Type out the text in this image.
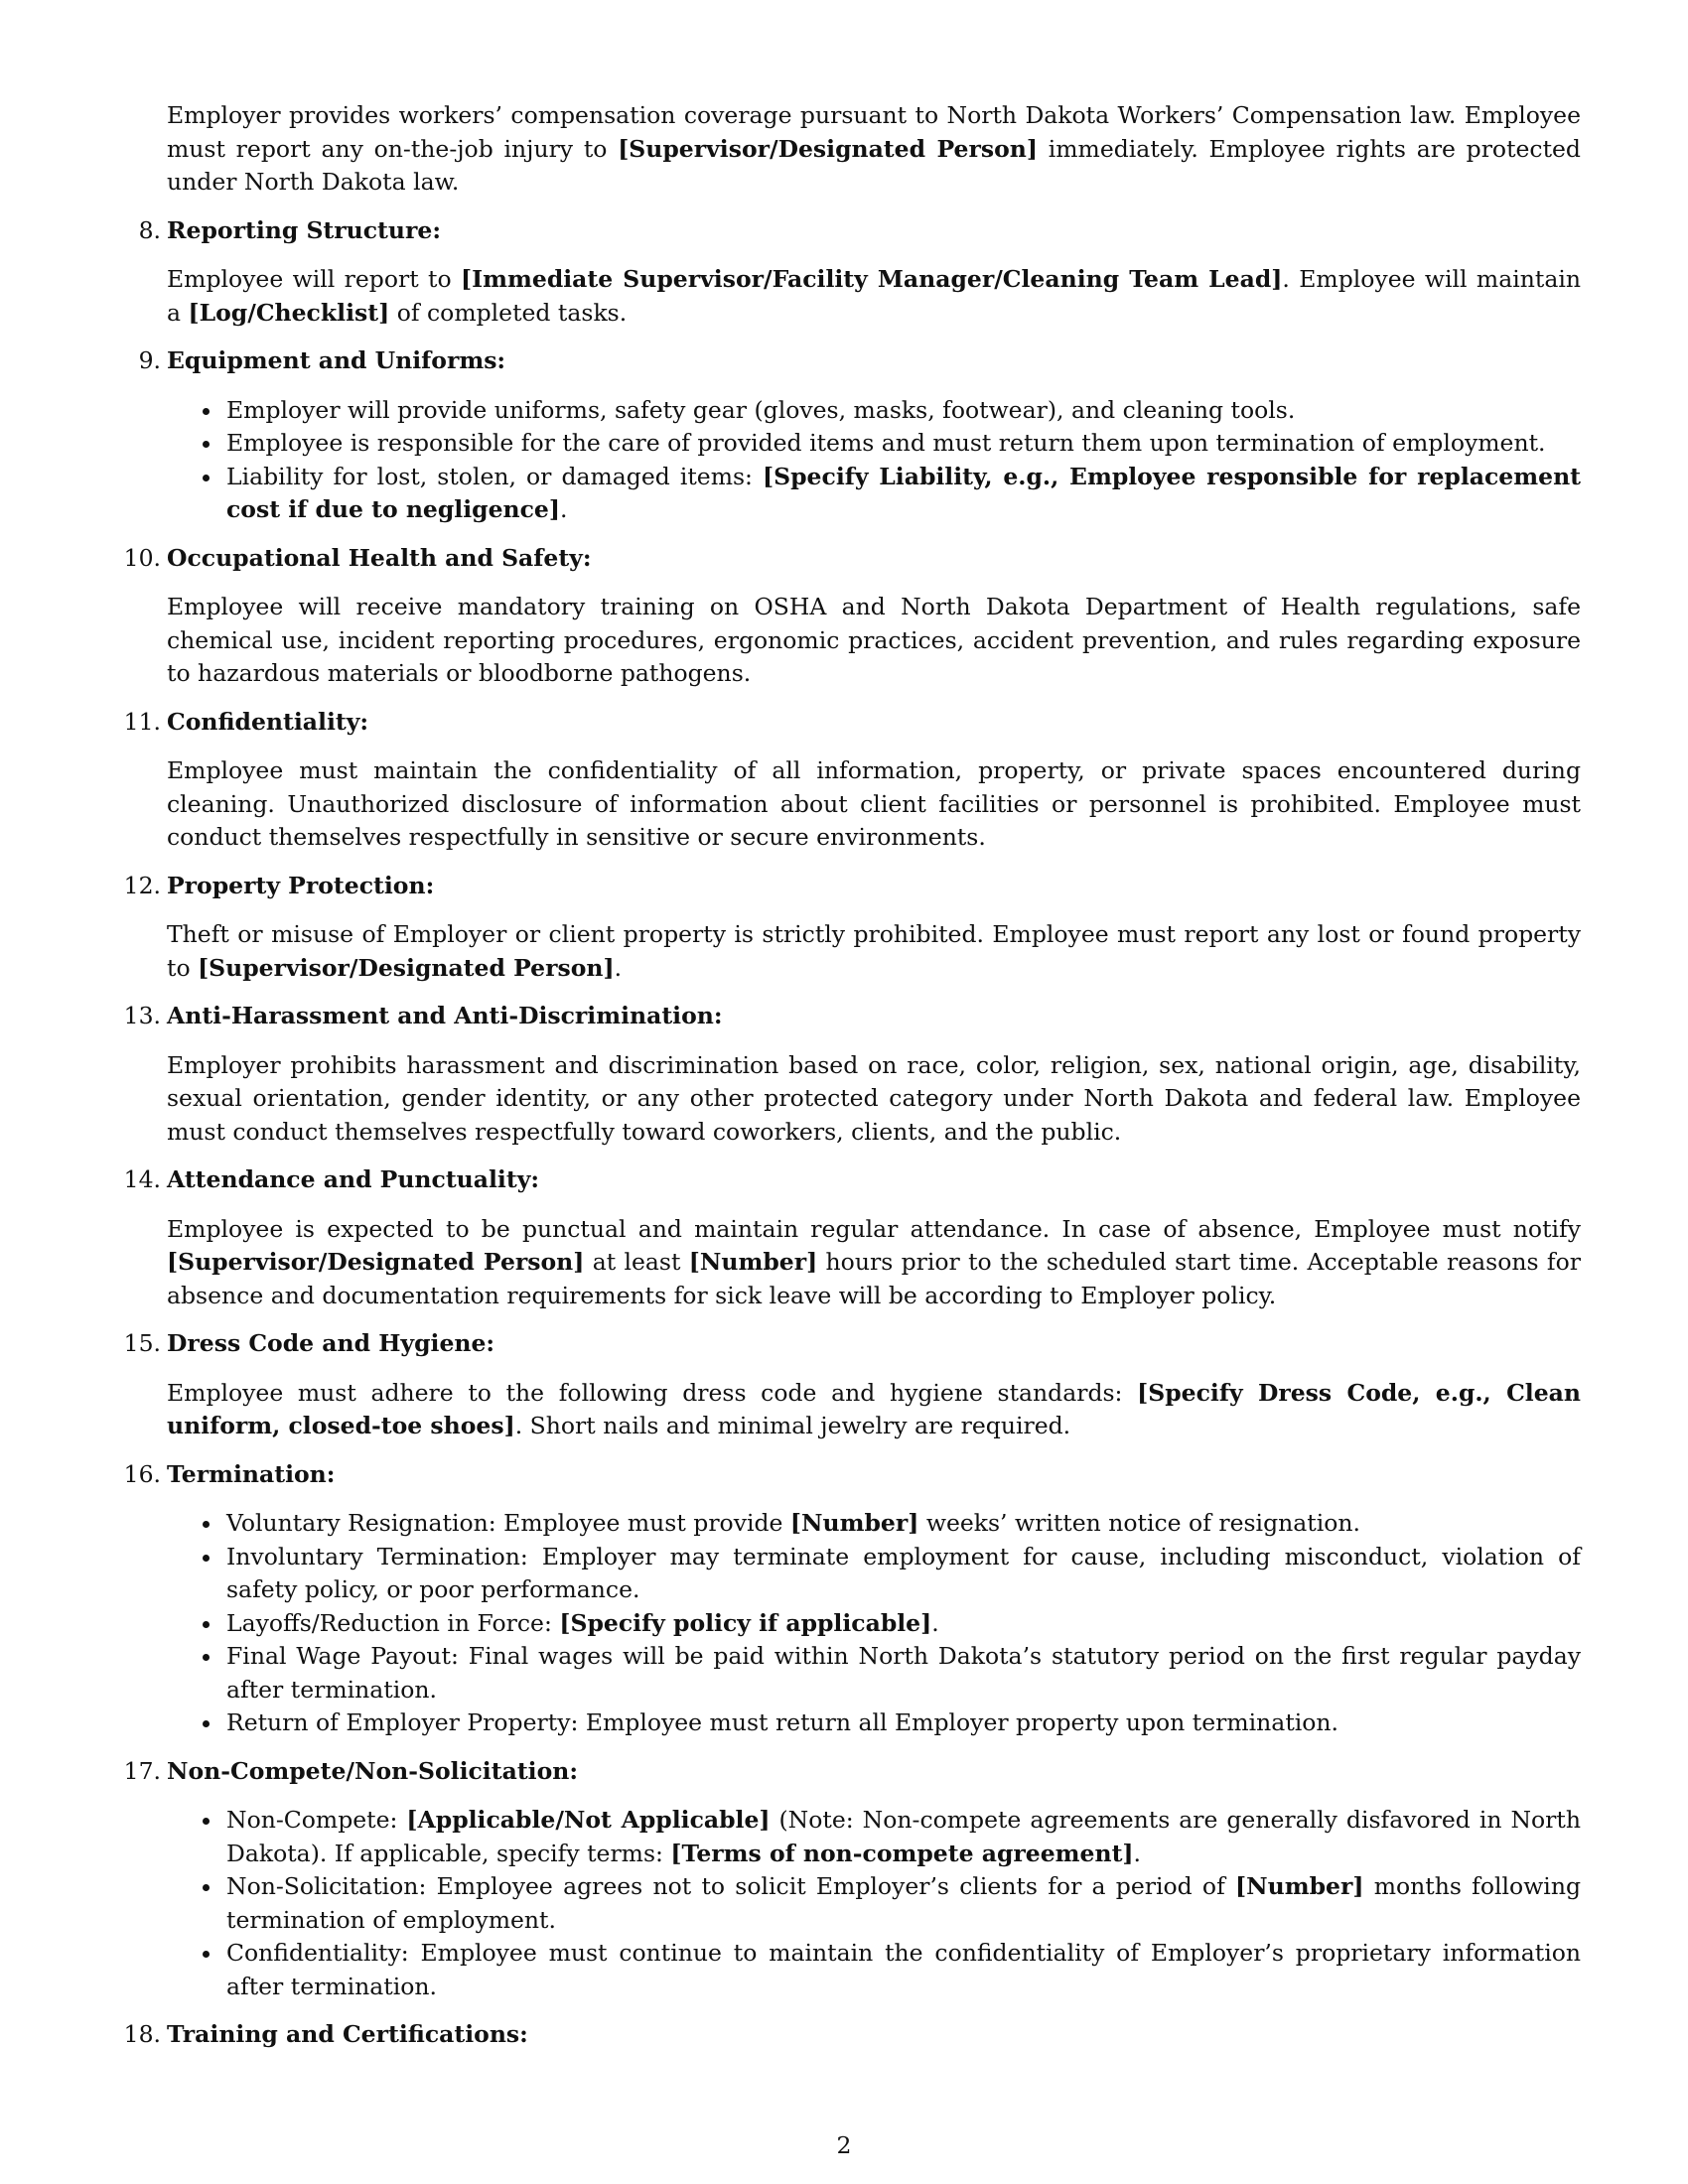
Employer provides workers’ compensation coverage pursuant to North Dakota Workers’ Compensation law. Employee must report any on-the-job injury to [Supervisor/Designated Person] immediately. Employee rights are protected under North Dakota law.

8. Reporting Structure:

Employee will report to [Immediate Supervisor/Facility Manager/Cleaning Team Lead]. Employee will maintain a [Log/Checklist] of completed tasks.

9. Equipment and Uniforms:
Employer will provide uniforms, safety gear (gloves, masks, footwear), and cleaning tools.
Employee is responsible for the care of provided items and must return them upon termination of employment.
Liability for lost, stolen, or damaged items: [Specify Liability, e.g., Employee responsible for replacement cost if due to negligence].
10. Occupational Health and Safety:

Employee will receive mandatory training on OSHA and North Dakota Department of Health regulations, safe chemical use, incident reporting procedures, ergonomic practices, accident prevention, and rules regarding exposure to hazardous materials or bloodborne pathogens.

11. Confidentiality:

Employee must maintain the confidentiality of all information, property, or private spaces encountered during cleaning. Unauthorized disclosure of information about client facilities or personnel is prohibited. Employee must conduct themselves respectfully in sensitive or secure environments.

12. Property Protection:

Theft or misuse of Employer or client property is strictly prohibited. Employee must report any lost or found property to [Supervisor/Designated Person].

13. Anti-Harassment and Anti-Discrimination:

Employer prohibits harassment and discrimination based on race, color, religion, sex, national origin, age, disability, sexual orientation, gender identity, or any other protected category under North Dakota and federal law. Employee must conduct themselves respectfully toward coworkers, clients, and the public.

14. Attendance and Punctuality:

Employee is expected to be punctual and maintain regular attendance. In case of absence, Employee must notify [Supervisor/Designated Person] at least [Number] hours prior to the scheduled start time. Acceptable reasons for absence and documentation requirements for sick leave will be according to Employer policy.

15. Dress Code and Hygiene:

Employee must adhere to the following dress code and hygiene standards: [Specify Dress Code, e.g., Clean uniform, closed-toe shoes]. Short nails and minimal jewelry are required.

16. Termination:
Voluntary Resignation: Employee must provide [Number] weeks’ written notice of resignation.
Involuntary Termination: Employer may terminate employment for cause, including misconduct, violation of safety policy, or poor performance.
Layoffs/Reduction in Force: [Specify policy if applicable].
Final Wage Payout: Final wages will be paid within North Dakota’s statutory period on the first regular payday after termination.
Return of Employer Property: Employee must return all Employer property upon termination.
17. Non-Compete/Non-Solicitation:
Non-Compete: [Applicable/Not Applicable] (Note: Non-compete agreements are generally disfavored in North Dakota). If applicable, specify terms: [Terms of non-compete agreement].
Non-Solicitation: Employee agrees not to solicit Employer’s clients for a period of [Number] months following termination of employment.
Confidentiality: Employee must continue to maintain the confidentiality of Employer’s proprietary information after termination.
18. Training and Certifications:
2
